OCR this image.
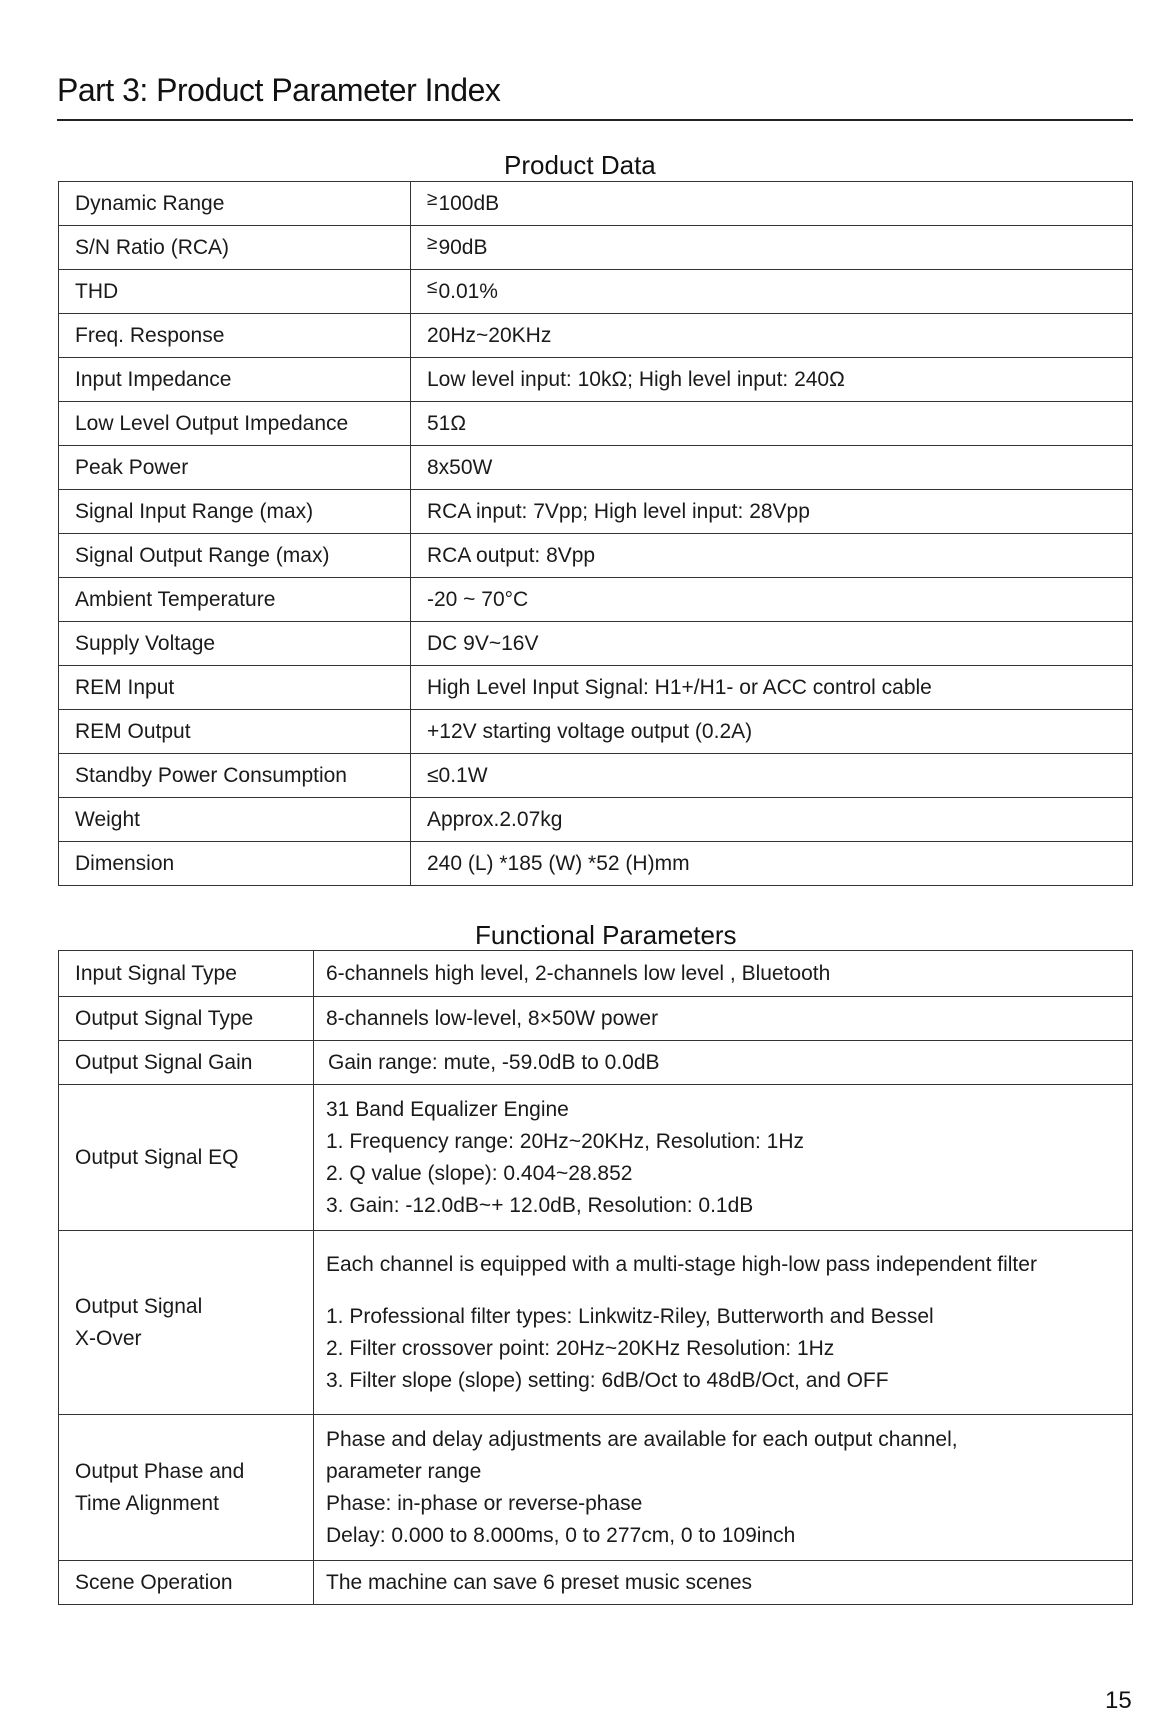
Part 3: Product Parameter Index
Product Data
Dynamic Range	≥100dB
S/N Ratio (RCA)	≥90dB
THD	≤0.01%
Freq. Response	20Hz~20KHz
Input Impedance	Low level input: 10kΩ; High level input: 240Ω
Low Level Output Impedance	51Ω
Peak Power	8x50W
Signal Input Range (max)	RCA input: 7Vpp; High level input: 28Vpp
Signal Output Range (max)	RCA output: 8Vpp
Ambient Temperature	-20 ~ 70°C
Supply Voltage	DC 9V~16V
REM Input	High Level Input Signal: H1+/H1- or ACC control cable
REM Output	+12V starting voltage output (0.2A)
Standby Power Consumption	≤0.1W
Weight	Approx.2.07kg
Dimension	240 (L) *185 (W) *52 (H)mm
Functional Parameters
Input Signal Type	6-channels high level, 2-channels low level , Bluetooth

Output Signal Type	8-channels low-level, 8×50W power

Output Signal Gain	Gain range: mute, -59.0dB to 0.0dB

Output Signal EQ	31 Band Equalizer Engine
1. Frequency range: 20Hz~20KHz, Resolution: 1Hz
2. Q value (slope): 0.404~28.852
3. Gain: -12.0dB~+ 12.0dB, Resolution: 0.1dB

Output Signal
X-Over	Each channel is equipped with a multi-stage high-low pass independent filter
1. Professional filter types: Linkwitz-Riley, Butterworth and Bessel
2. Filter crossover point: 20Hz~20KHz Resolution: 1Hz
3. Filter slope (slope) setting: 6dB/Oct to 48dB/Oct, and OFF

Output Phase and
Time Alignment	Phase and delay adjustments are available for each output channel,
parameter range
Phase: in-phase or reverse-phase
Delay: 0.000 to 8.000ms, 0 to 277cm, 0 to 109inch

Scene Operation	The machine can save 6 preset music scenes
15
